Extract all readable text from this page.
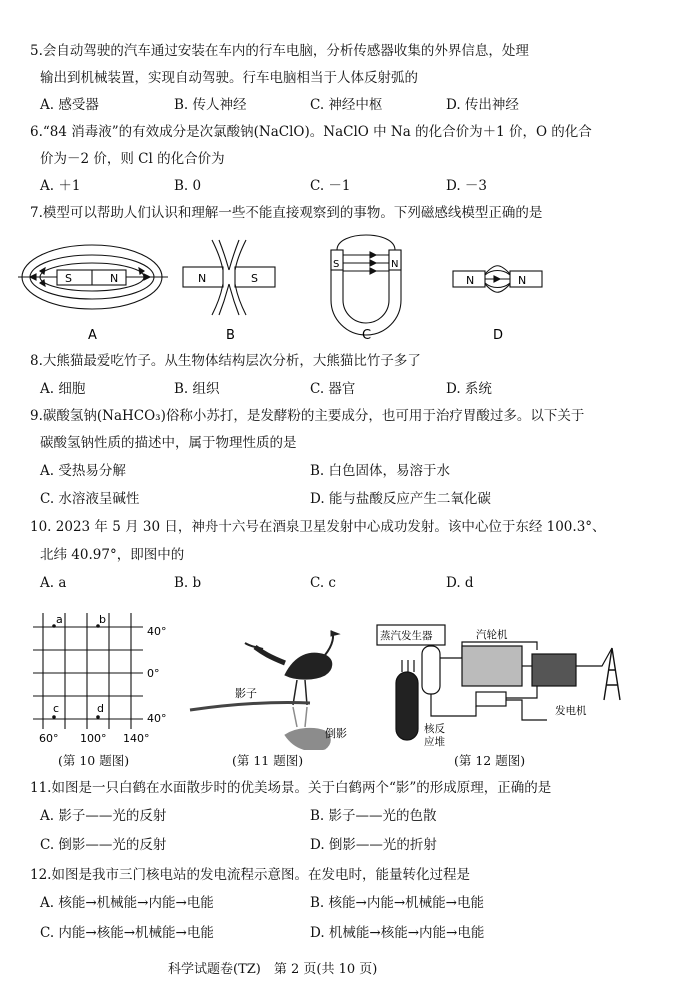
5.会自动驾驶的汽车通过安装在车内的行车电脑，分析传感器收集的外界信息，处理
输出到机械装置，实现自动驾驶。行车电脑相当于人体反射弧的
A. 感受器	B. 传人神经	C. 神经中枢	D. 传出神经
6.“84 消毒液”的有效成分是次氯酸钠(NaClO)。NaClO 中 Na 的化合价为＋1 价，O 的化合
价为－2 价，则 Cl 的化合价为
A. ＋1	B. 0	C. －1	D. －3
7.模型可以帮助人们认识和理解一些不能直接观察到的事物。下列磁感线模型正确的是
S	N	N	S
S	N
N	N
A	B	C	D
8.大熊猫最爱吃竹子。从生物体结构层次分析，大熊猫比竹子多了
A. 细胞	B. 组织	C. 器官	D. 系统
9.碳酸氢钠(NaHCO₃)俗称小苏打，是发酵粉的主要成分，也可用于治疗胃酸过多。以下关于
碳酸氢钠性质的描述中，属于物理性质的是
A. 受热易分解	B. 白色固体，易溶于水
C. 水溶液呈碱性	D. 能与盐酸反应产生二氧化碳
10. 2023 年 5 月 30 日，神舟十六号在酒泉卫星发射中心成功发射。该中心位于东经 100.3°、
北纬 40.97°，即图中的
A. a	B. b	C. c	D. d
a	b
c	d
40°
0°
40°
60° 100° 140°
(第 10 题图)
影子
倒影
(第 11 题图)
蒸汽发生器	汽轮机
核反
应堆
发电机
(第 12 题图)
11.如图是一只白鹤在水面散步时的优美场景。关于白鹤两个“影”的形成原理，正确的是
A. 影子——光的反射	B. 影子——光的色散
C. 倒影——光的反射	D. 倒影——光的折射
12.如图是我市三门核电站的发电流程示意图。在发电时，能量转化过程是
A. 核能→机械能→内能→电能	B. 核能→内能→机械能→电能
C. 内能→核能→机械能→电能	D. 机械能→核能→内能→电能
科学试题卷(TZ)　第 2 页(共 10 页)
